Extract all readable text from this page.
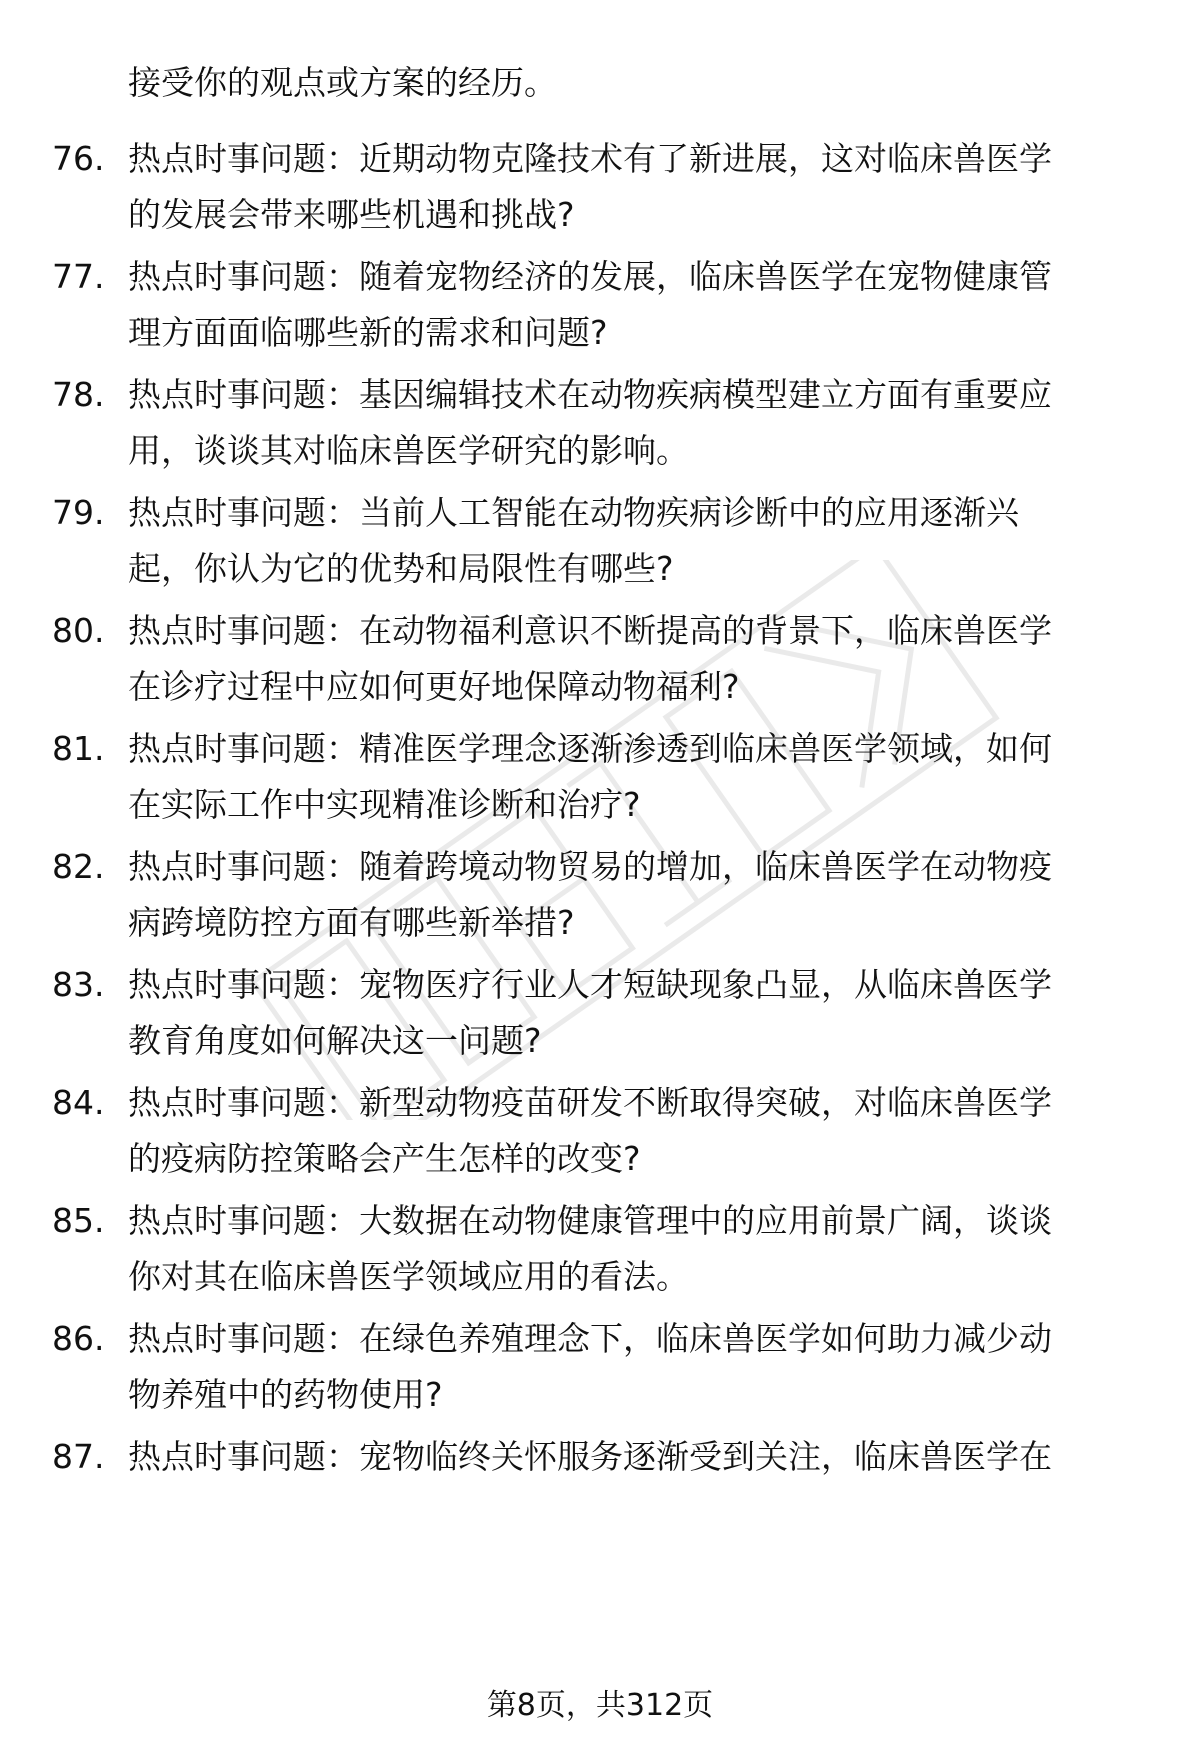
接受你的观点或方案的经历。
76. 热点时事问题：近期动物克隆技术有了新进展，这对临床兽医学
的发展会带来哪些机遇和挑战?
77. 热点时事问题：随着宠物经济的发展，临床兽医学在宠物健康管
理方面面临哪些新的需求和问题?
78. 热点时事问题：基因编辑技术在动物疾病模型建立方面有重要应
用，谈谈其对临床兽医学研究的影响。
79. 热点时事问题：当前人工智能在动物疾病诊断中的应用逐渐兴
起，你认为它的优势和局限性有哪些?
80. 热点时事问题：在动物福利意识不断提高的背景下，临床兽医学
在诊疗过程中应如何更好地保障动物福利?
81. 热点时事问题：精准医学理念逐渐渗透到临床兽医学领域，如何
在实际工作中实现精准诊断和治疗?
82. 热点时事问题：随着跨境动物贸易的增加，临床兽医学在动物疫
病跨境防控方面有哪些新举措?
83. 热点时事问题：宠物医疗行业人才短缺现象凸显，从临床兽医学
教育角度如何解决这一问题?
84. 热点时事问题：新型动物疫苗研发不断取得突破，对临床兽医学
的疫病防控策略会产生怎样的改变?
85. 热点时事问题：大数据在动物健康管理中的应用前景广阔，谈谈
你对其在临床兽医学领域应用的看法。
86. 热点时事问题：在绿色养殖理念下，临床兽医学如何助力减少动
物养殖中的药物使用?
87. 热点时事问题：宠物临终关怀服务逐渐受到关注，临床兽医学在
第8页，共312页
